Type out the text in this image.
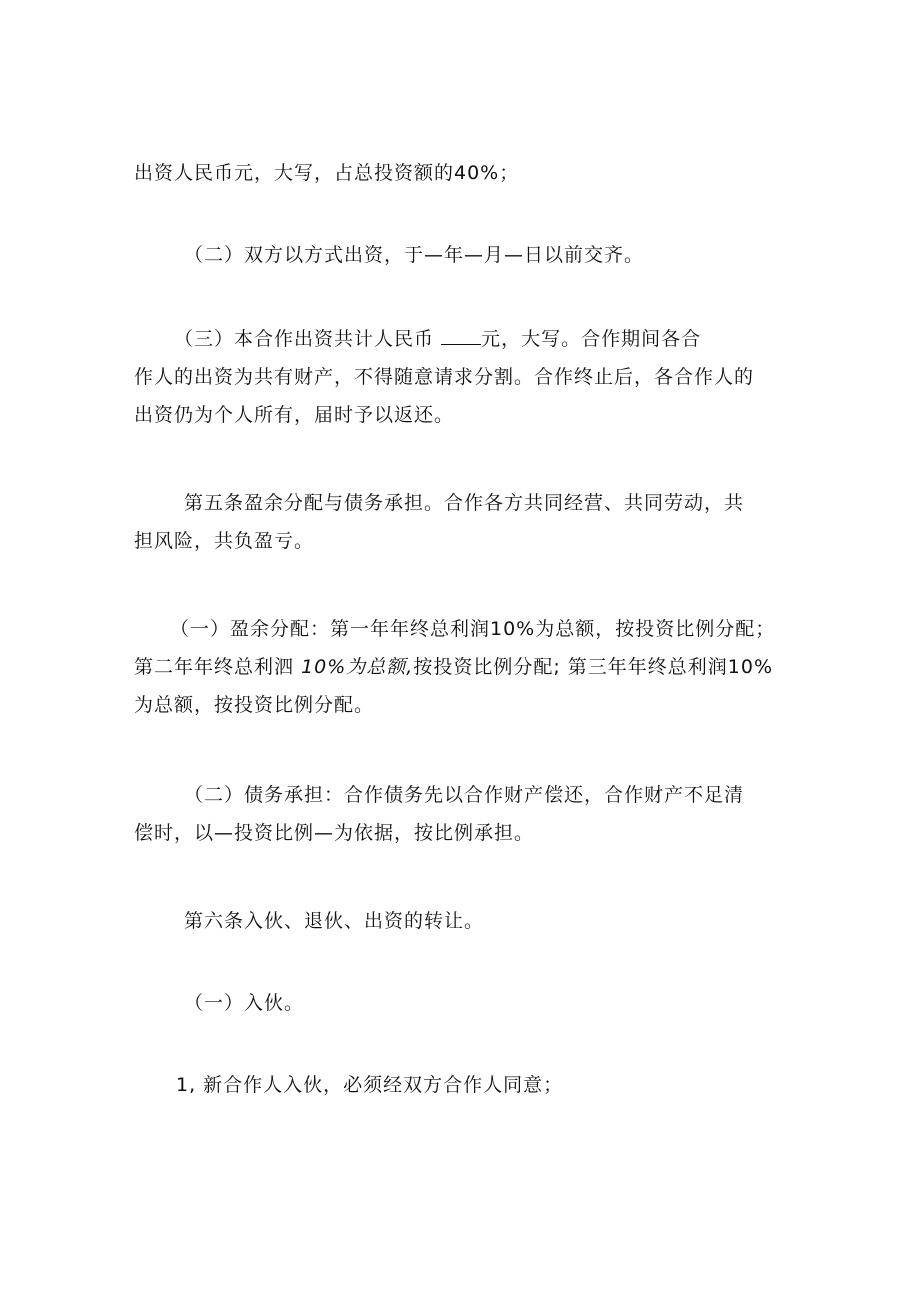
出资人民币元，大写，占总投资额的40%；
（二）双方以方式出资，于—年—月—日以前交齐。
（三）本合作出资共计人民币 元，大写。合作期间各合
作人的出资为共有财产，不得随意请求分割。合作终止后，各合作人的
出资仍为个人所有，届时予以返还。
第五条盈余分配与债务承担。合作各方共同经营、共同劳动，共
担风险，共负盈亏。
（一）盈余分配：第一年年终总利润10%为总额，按投资比例分配；
第二年年终总利泗 10%为总额,按投资比例分配; 第三年年终总利润10%
为总额，按投资比例分配。
（二）债务承担：合作债务先以合作财产偿还，合作财产不足清
偿时，以—投资比例—为依据，按比例承担。
第六条入伙、退伙、出资的转让。
（一）入伙。
1, 新合作人入伙，必须经双方合作人同意；
